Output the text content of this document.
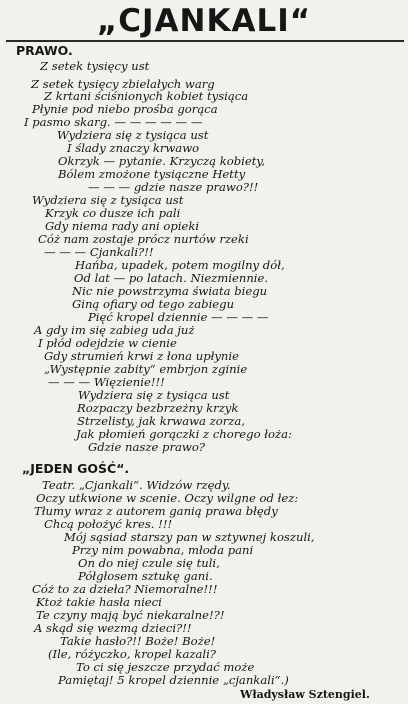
„CJANKALI“
PRAWO.
Z setek tysięcy ust
Z setek tysięcy zbielałych warg
Z krtani ściśnionych kobiet tysiąca
Płynie pod niebo prośba gorąca
I pasmo skarg. — — — — — —
Wydziera się z tysiąca ust
I ślady znaczy krwawo
Okrzyk — pytanie. Krzyczą kobiety,
Bólem zmożone tysiączne Hetty
— — — gdzie nasze prawo?!!
Wydziera się z tysiąca ust
Krzyk co dusze ich pali
Gdy niema rady ani opieki
Cóż nam zostaje prócz nurtów rzeki
— — — Cjankali?!!
Hańba, upadek, potem mogilny dół,
Od lat — po latach. Niezmiennie.
Nic nie powstrzyma świata biegu
Giną ofiary od tego zabiegu
Pięć kropel dziennie — — — —
A gdy im się zabieg uda już
I płód odejdzie w cienie
Gdy strumień krwi z łona upłynie
„Występnie zabity“ embrjon zginie
— — — Więzienie!!!
Wydziera się z tysiąca ust
Rozpaczy bezbrzeżny krzyk
Strzelisty, jak krwawa zorza,
Jak płomień gorączki z chorego łoża:
Gdzie nasze prawo?
„JEDEN GOŚĆ“.
Teatr. „Cjankali“. Widzów rzędy.
Oczy utkwione w scenie. Oczy wilgne od łez:
Tłumy wraz z autorem ganią prawa błędy
Chcą położyć kres. !!!
Mój sąsiad starszy pan w sztywnej koszuli,
Przy nim powabna, młoda pani
On do niej czule się tuli,
Półgłosem sztukę gani.
Cóż to za dzieła? Niemoralne!!!
Ktoż takie hasła nieci
Te czyny mają być niekaralne!?!
A skąd się wezmą dzieci?!!
Takie hasło?!! Boże! Boże!
(Ile, różyczko, kropel kazali?
To ci się jeszcze przydać może
Pamiętaj! 5 kropel dziennie „cjankali“.)
Władysław Sztengiel.
